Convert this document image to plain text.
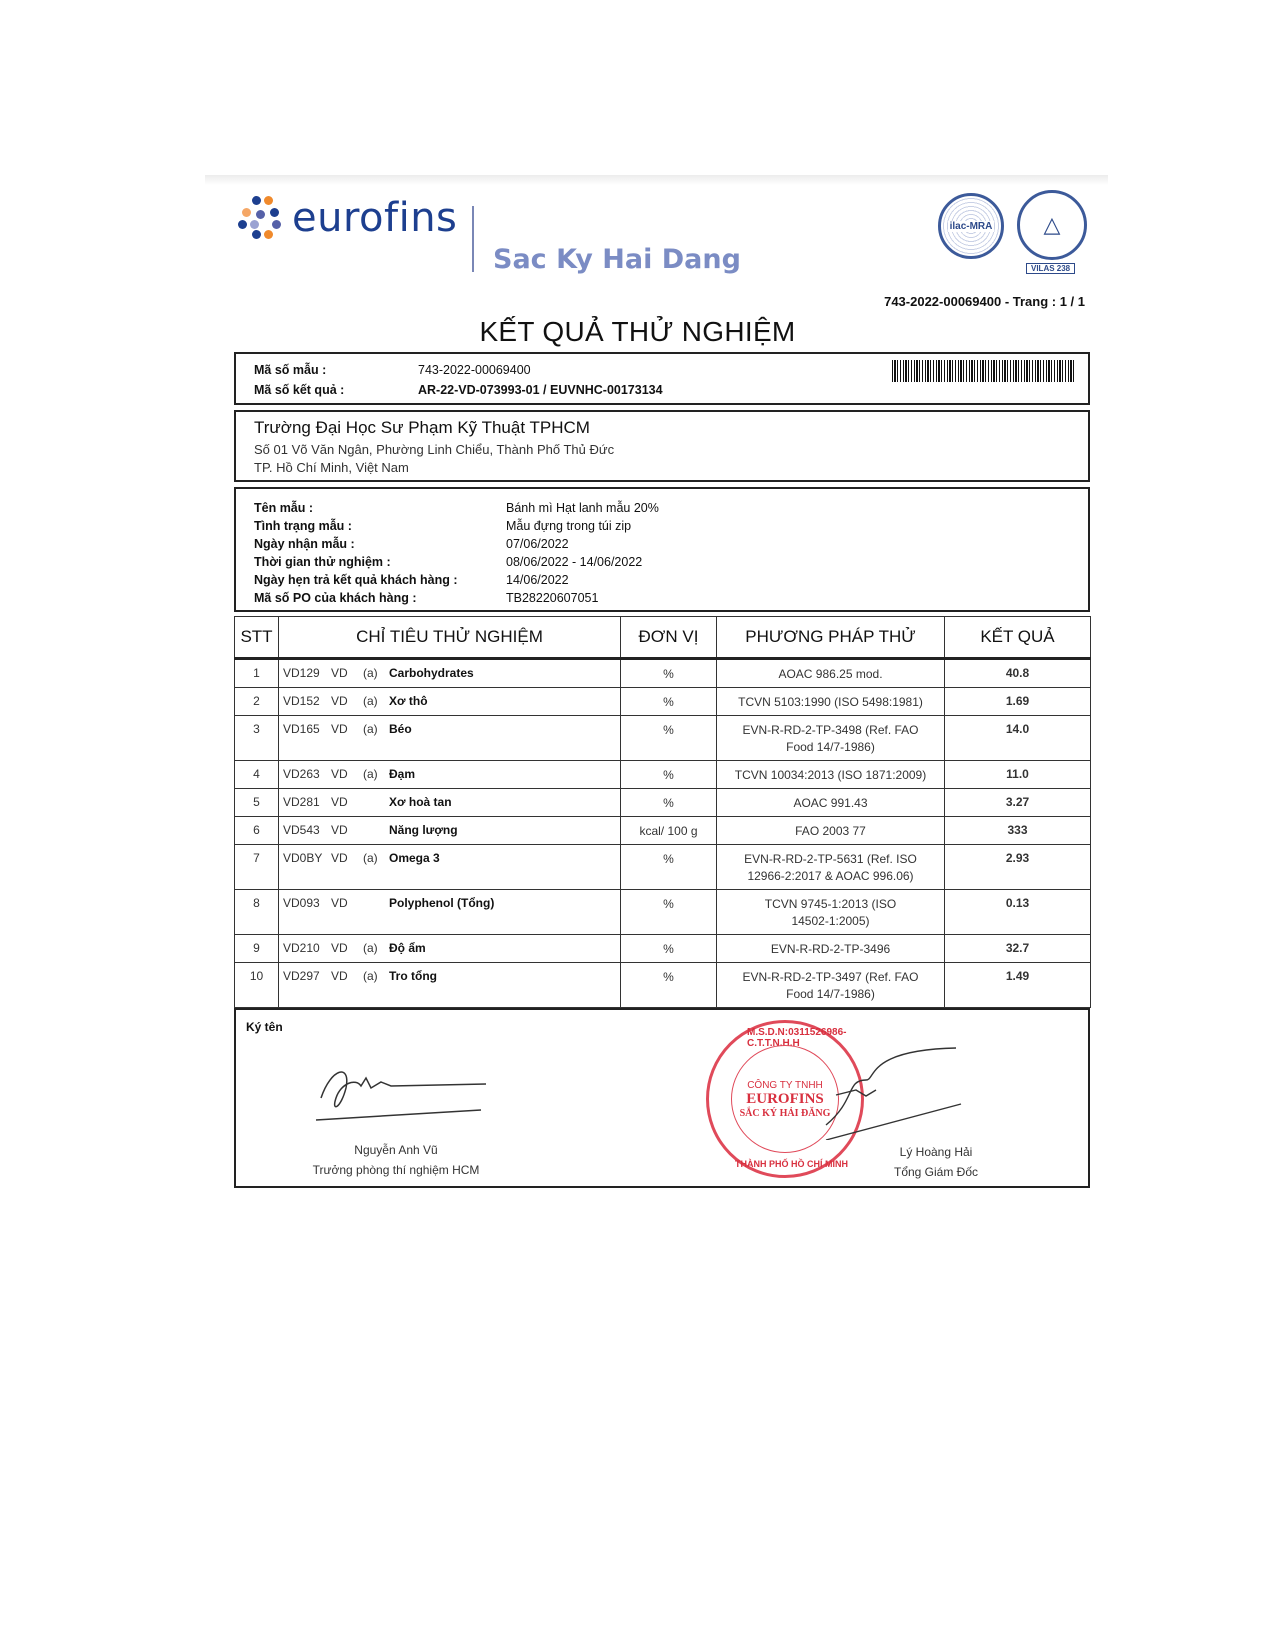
eurofins
Sac Ky Hai Dang
ilac-MRA	△
VILAS 238
743-2022-00069400 - Trang : 1 / 1
KẾT QUẢ THỬ NGHIỆM
Mã số mẫu :	743-2022-00069400
Mã số kết quả :	AR-22-VD-073993-01 / EUVNHC-00173134
Trường Đại Học Sư Phạm Kỹ Thuật TPHCM
Số 01 Võ Văn Ngân, Phường Linh Chiểu, Thành Phố Thủ Đức
TP. Hồ Chí Minh, Việt Nam
Tên mẫu :	Bánh mì Hạt lanh mẫu 20%
Tình trạng mẫu :	Mẫu đựng trong túi zip
Ngày nhận mẫu :	07/06/2022
Thời gian thử nghiệm :	08/06/2022 - 14/06/2022
Ngày hẹn trả kết quả khách hàng :	14/06/2022
Mã số PO của khách hàng :	TB28220607051
STT	CHỈ TIÊU THỬ NGHIỆM	ĐƠN VỊ	PHƯƠNG PHÁP THỬ	KẾT QUẢ
1	VD129 VD (a) Carbohydrates	%	AOAC 986.25 mod.	40.8
2	VD152 VD (a) Xơ thô	%	TCVN 5103:1990 (ISO 5498:1981)	1.69
3	VD165 VD (a) Béo	%	EVN-R-RD-2-TP-3498 (Ref. FAO
Food 14/7-1986)	14.0
4	VD263 VD (a) Đạm	%	TCVN 10034:2013 (ISO 1871:2009)	11.0
5	VD281 VD Xơ hoà tan	%	AOAC 991.43	3.27
6	VD543 VD Năng lượng	kcal/ 100 g	FAO 2003 77	333
7	VD0BY VD (a) Omega 3	%	EVN-R-RD-2-TP-5631 (Ref. ISO
12966-2:2017 & AOAC 996.06)	2.93
8	VD093 VD Polyphenol (Tổng)	%	TCVN 9745-1:2013 (ISO
14502-1:2005)	0.13
9	VD210 VD (a) Độ ẩm	%	EVN-R-RD-2-TP-3496	32.7
10	VD297 VD (a) Tro tổng	%	EVN-R-RD-2-TP-3497 (Ref. FAO
Food 14/7-1986)	1.49
Ký tên
Nguyễn Anh Vũ
Trưởng phòng thí nghiệm HCM
M.S.D.N:0311526986-C.T.T.N.H.H
CÔNG TY TNHH
EUROFINS
SẮC KÝ HẢI ĐĂNG
THÀNH PHỐ HỒ CHÍ MINH
Lý Hoàng Hải
Tổng Giám Đốc
